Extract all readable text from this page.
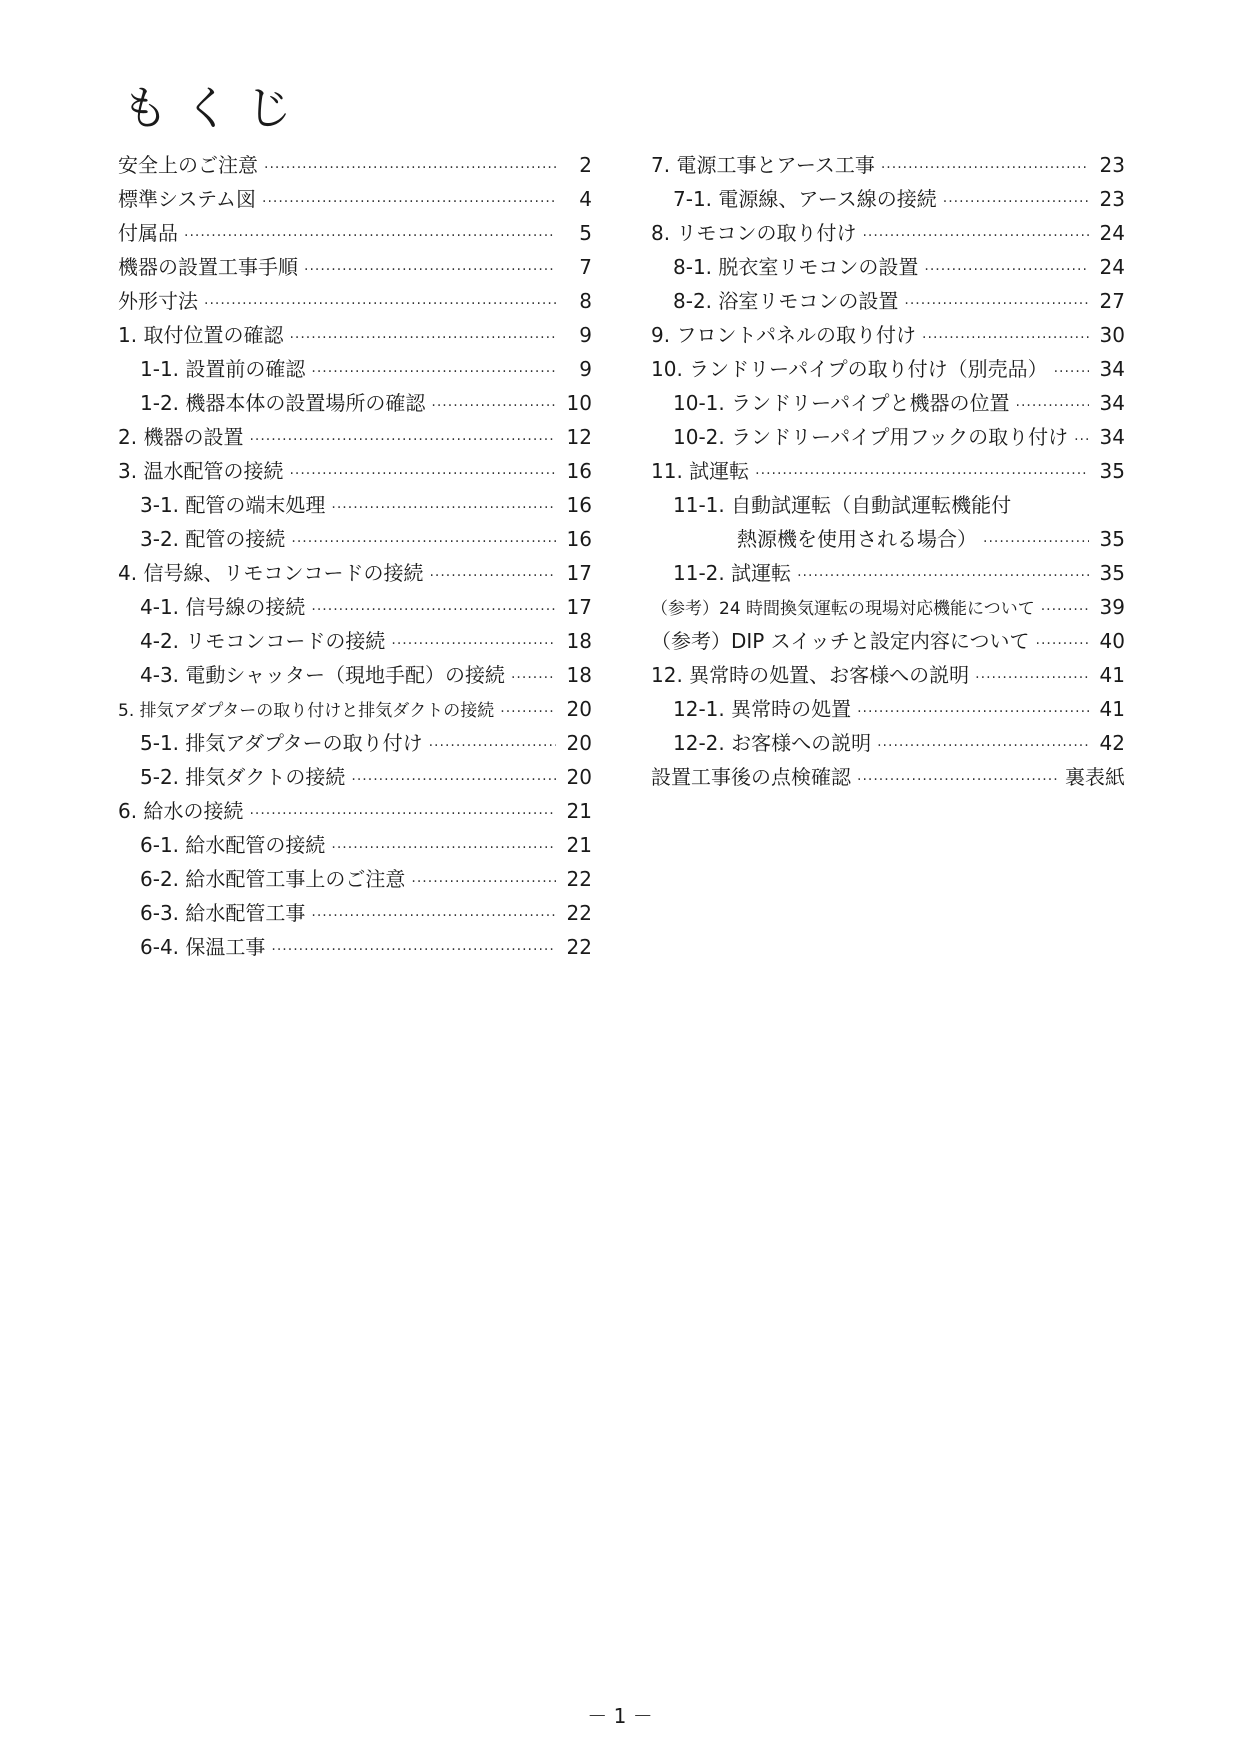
もくじ
安全上のご注意 ·····	2
標準システム図 ·····	4
付属品 ·····	5
機器の設置工事手順 ·····	7
外形寸法 ·····	8
1. 取付位置の確認 ·····	9
1-1. 設置前の確認 ·····	9
1-2. 機器本体の設置場所の確認 ·····	10
2. 機器の設置 ·····	12
3. 温水配管の接続 ·····	16
3-1. 配管の端末処理 ·····	16
3-2. 配管の接続 ·····	16
4. 信号線、リモコンコードの接続 ·····	17
4-1. 信号線の接続 ·····	17
4-2. リモコンコードの接続 ·····	18
4-3. 電動シャッター（現地手配）の接続 ·····	18
5. 排気アダプターの取り付けと排気ダクトの接続 ·····	20
5-1. 排気アダプターの取り付け ·····	20
5-2. 排気ダクトの接続 ·····	20
6. 給水の接続 ·····	21
6-1. 給水配管の接続 ·····	21
6-2. 給水配管工事上のご注意 ·····	22
6-3. 給水配管工事 ·····	22
6-4. 保温工事 ·····	22
7. 電源工事とアース工事 ·····	23
7-1. 電源線、アース線の接続 ·····	23
8. リモコンの取り付け ·····	24
8-1. 脱衣室リモコンの設置 ·····	24
8-2. 浴室リモコンの設置 ·····	27
9. フロントパネルの取り付け ·····	30
10. ランドリーパイプの取り付け（別売品） ·····	34
10-1. ランドリーパイプと機器の位置 ·····	34
10-2. ランドリーパイプ用フックの取り付け ····· 34
11. 試運転 ·····	35
11-1. 自動試運転（自動試運転機能付
熱源機を使用される場合） ·····	35
11-2. 試運転 ·····	35
（参考）24 時間換気運転の現場対応機能について ·····	39
（参考）DIP スイッチと設定内容について ·····	40
12. 異常時の処置、お客様への説明 ·····	41
12-1. 異常時の処置 ·····	41
12-2. お客様への説明 ·····	42
設置工事後の点検確認 ·····	裏表紙
－ 1 －
